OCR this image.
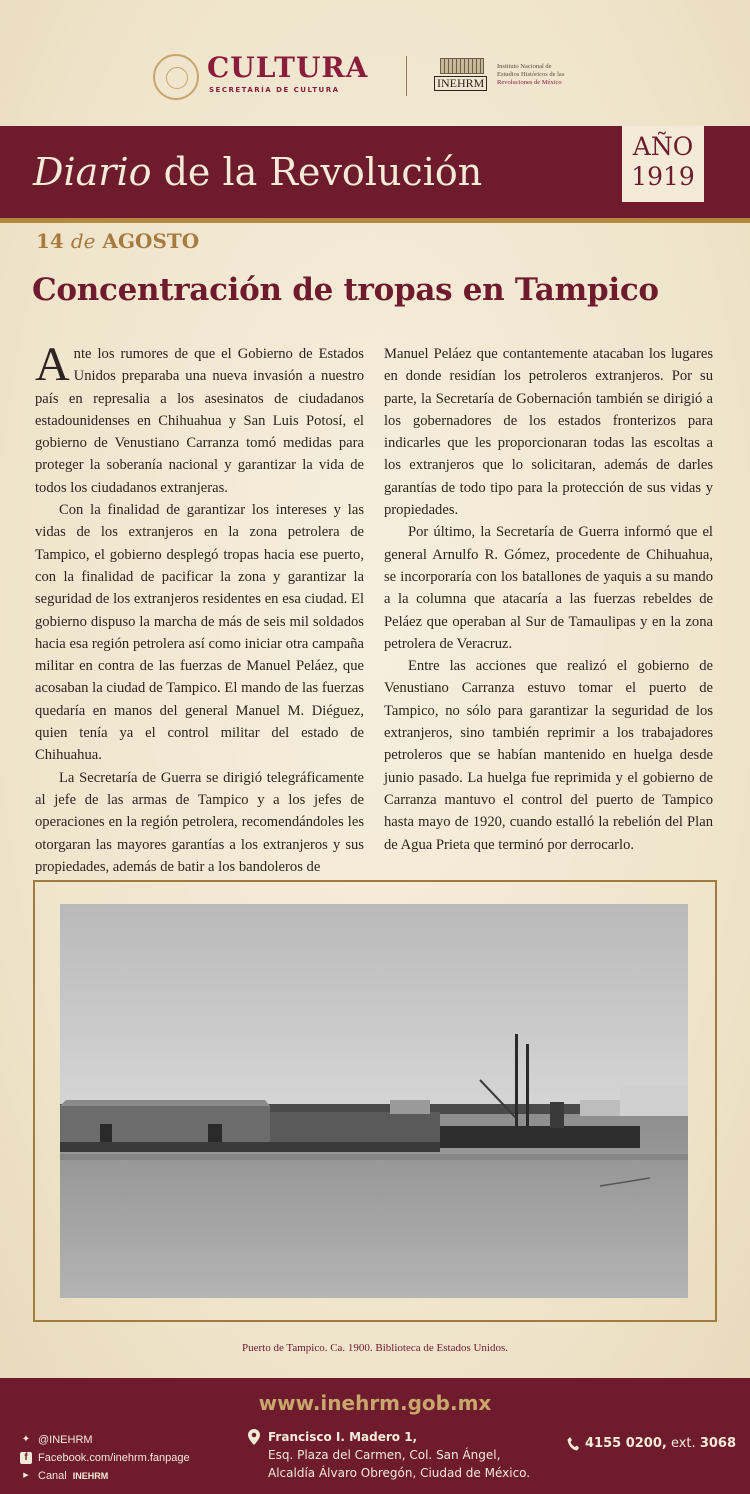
CULTURA
SECRETARÍA DE CULTURA	INEHRM
Instituto Nacional de
Estudios Históricos de las
Revoluciones de México
Diario de la Revolución
AÑO
1919
14 de AGOSTO
Concentración de tropas en Tampico

Ante los rumores de que el Gobierno de Estados Unidos preparaba una nueva invasión a nuestro país en represalia a los asesinatos de ciudadanos estadounidenses en Chihuahua y San Luis Potosí, el gobierno de Venustiano Carranza tomó medidas para proteger la soberanía nacional y garantizar la vida de todos los ciudadanos extranjeras.

Con la finalidad de garantizar los intereses y las vidas de los extranjeros en la zona petrolera de Tampico, el gobierno desplegó tropas hacia ese puerto, con la finalidad de pacificar la zona y garantizar la seguridad de los extranjeros residentes en esa ciudad. El gobierno dispuso la marcha de más de seis mil soldados hacia esa región petrolera así como iniciar otra campaña militar en contra de las fuerzas de Manuel Peláez, que acosaban la ciudad de Tampico. El mando de las fuerzas quedaría en manos del general Manuel M. Diéguez, quien tenía ya el control militar del estado de Chihuahua.

La Secretaría de Guerra se dirigió telegráficamente al jefe de las armas de Tampico y a los jefes de operaciones en la región petrolera, recomendándoles les otorgaran las mayores garantías a los extranjeros y sus propiedades, además de batir a los bandoleros de

Manuel Peláez que contantemente atacaban los lugares en donde residían los petroleros extranjeros. Por su parte, la Secretaría de Gobernación también se dirigió a los gobernadores de los estados fronterizos para indicarles que les proporcionaran todas las escoltas a los extranjeros que lo solicitaran, además de darles garantías de todo tipo para la protección de sus vidas y propiedades.

Por último, la Secretaría de Guerra informó que el general Arnulfo R. Gómez, procedente de Chihuahua, se incorporaría con los batallones de yaquis a su mando a la columna que atacaría a las fuerzas rebeldes de Peláez que operaban al Sur de Tamaulipas y en la zona petrolera de Veracruz.

Entre las acciones que realizó el gobierno de Venustiano Carranza estuvo tomar el puerto de Tampico, no sólo para garantizar la seguridad de los extranjeros, sino también reprimir a los trabajadores petroleros que se habían mantenido en huelga desde junio pasado. La huelga fue reprimida y el gobierno de Carranza mantuvo el control del puerto de Tampico hasta mayo de 1920, cuando estalló la rebelión del Plan de Agua Prieta que terminó por derrocarlo.

Puerto de Tampico. Ca. 1900. Biblioteca de Estados Unidos.
www.inehrm.gob.mx
✦ @INEHRM
f Facebook.com/inehrm.fanpage
▶ Canal INEHRM
Francisco I. Madero 1,
Esq. Plaza del Carmen, Col. San Ángel,
Alcaldía Álvaro Obregón, Ciudad de México.
4155 0200, ext. 3068
